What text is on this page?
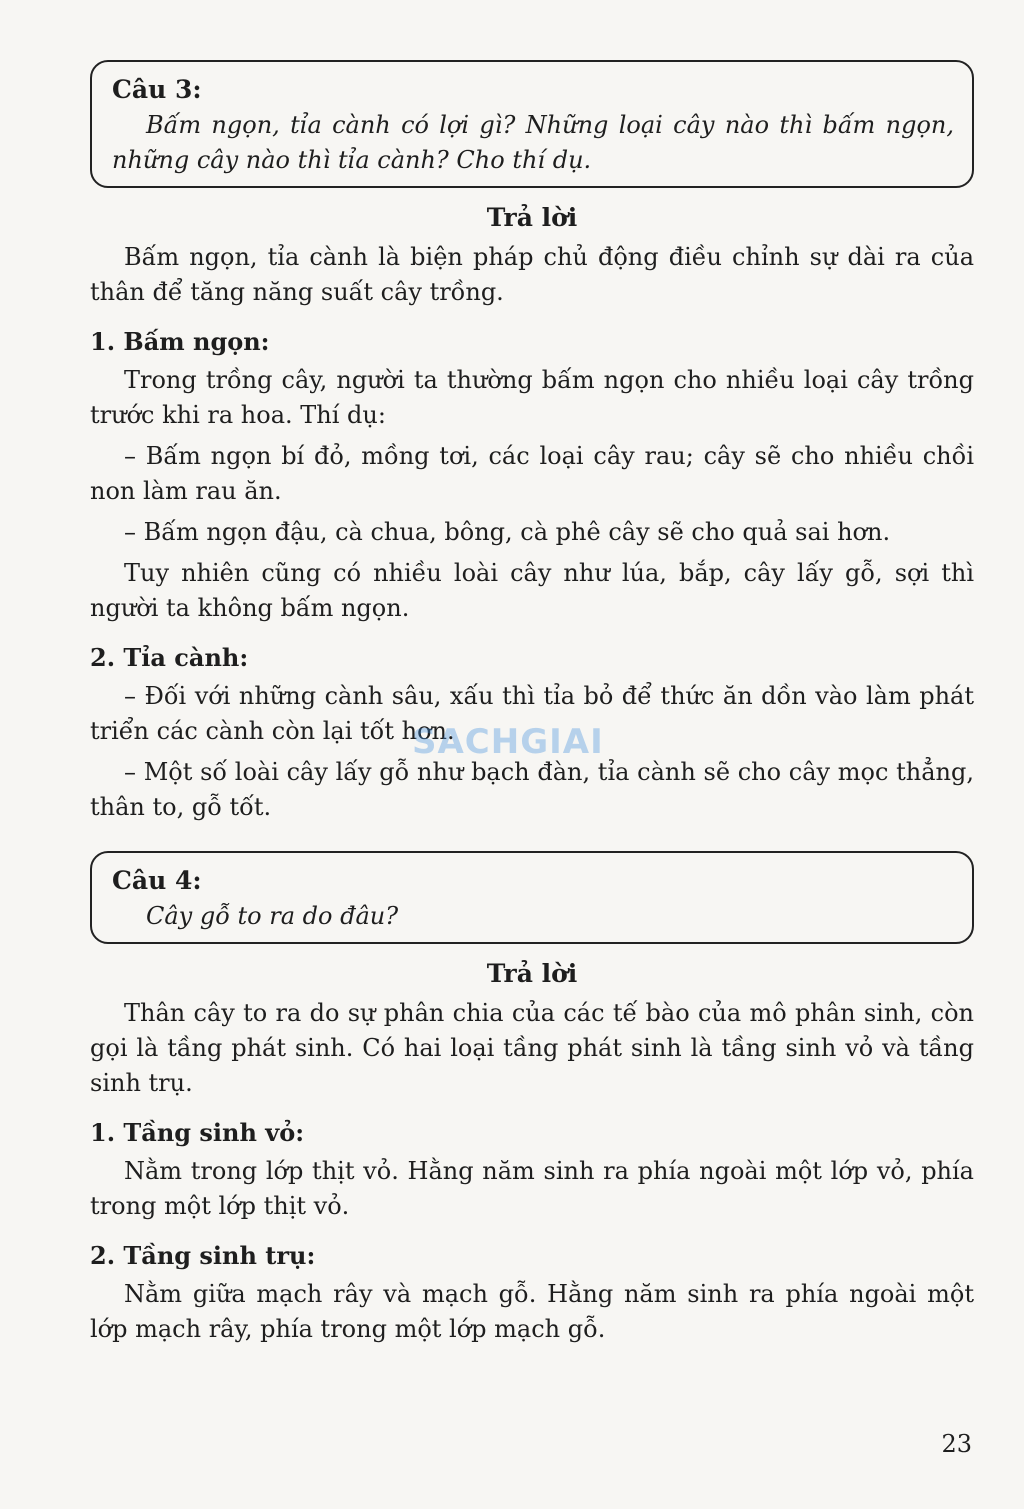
Câu 3:
Bấm ngọn, tỉa cành có lợi gì? Những loại cây nào thì bấm ngọn, những cây nào thì tỉa cành? Cho thí dụ.
Trả lời

Bấm ngọn, tỉa cành là biện pháp chủ động điều chỉnh sự dài ra của thân để tăng năng suất cây trồng.

1. Bấm ngọn:

Trong trồng cây, người ta thường bấm ngọn cho nhiều loại cây trồng trước khi ra hoa. Thí dụ:

– Bấm ngọn bí đỏ, mồng tơi, các loại cây rau; cây sẽ cho nhiều chồi non làm rau ăn.

– Bấm ngọn đậu, cà chua, bông, cà phê cây sẽ cho quả sai hơn.

Tuy nhiên cũng có nhiều loài cây như lúa, bắp, cây lấy gỗ, sợi thì người ta không bấm ngọn.

2. Tỉa cành:

– Đối với những cành sâu, xấu thì tỉa bỏ để thức ăn dồn vào làm phát triển các cành còn lại tốt hơn.

– Một số loài cây lấy gỗ như bạch đàn, tỉa cành sẽ cho cây mọc thẳng, thân to, gỗ tốt.

Câu 4:
Cây gỗ to ra do đâu?
Trả lời

Thân cây to ra do sự phân chia của các tế bào của mô phân sinh, còn gọi là tầng phát sinh. Có hai loại tầng phát sinh là tầng sinh vỏ và tầng sinh trụ.

1. Tầng sinh vỏ:

Nằm trong lớp thịt vỏ. Hằng năm sinh ra phía ngoài một lớp vỏ, phía trong một lớp thịt vỏ.

2. Tầng sinh trụ:

Nằm giữa mạch rây và mạch gỗ. Hằng năm sinh ra phía ngoài một lớp mạch rây, phía trong một lớp mạch gỗ.

SACHGIAI
23
